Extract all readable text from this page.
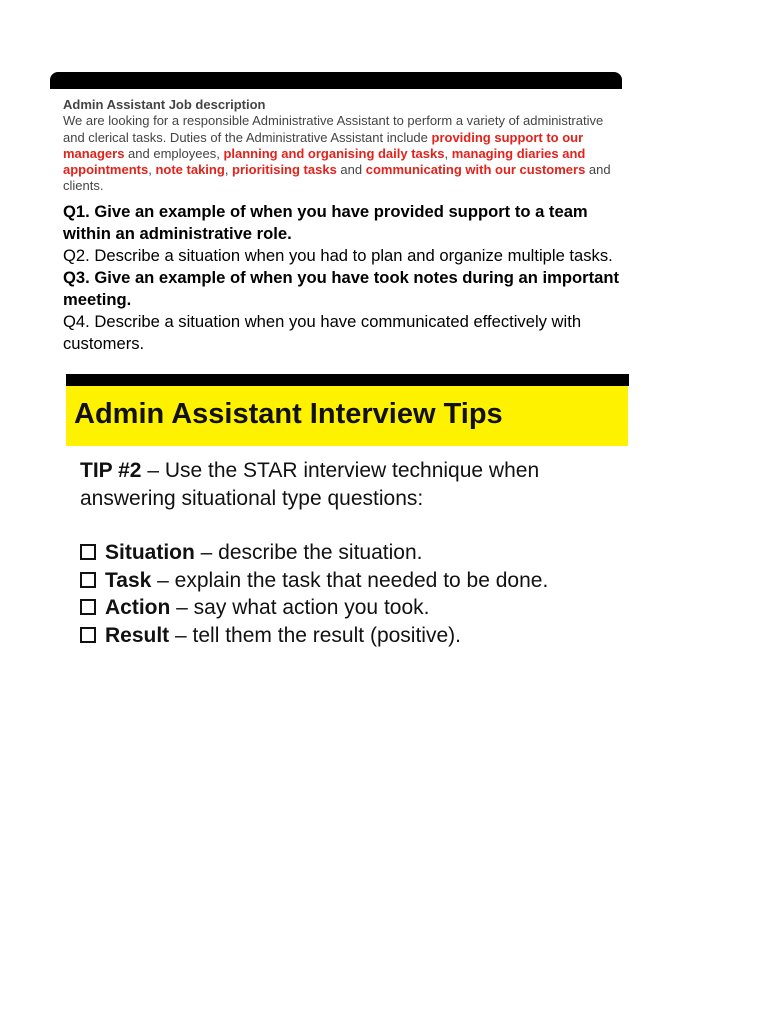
Admin Assistant Job description
We are looking for a responsible Administrative Assistant to perform a variety of administrative and clerical tasks. Duties of the Administrative Assistant include providing support to our managers and employees, planning and organising daily tasks, managing diaries and appointments, note taking, prioritising tasks and communicating with our customers and clients.
Q1. Give an example of when you have provided support to a team within an administrative role.
Q2. Describe a situation when you had to plan and organize multiple tasks.
Q3. Give an example of when you have took notes during an important meeting.
Q4. Describe a situation when you have communicated effectively with customers.
Admin Assistant Interview Tips
TIP #2 – Use the STAR interview technique when answering situational type questions:
Situation – describe the situation.
Task – explain the task that needed to be done.
Action – say what action you took.
Result – tell them the result (positive).
